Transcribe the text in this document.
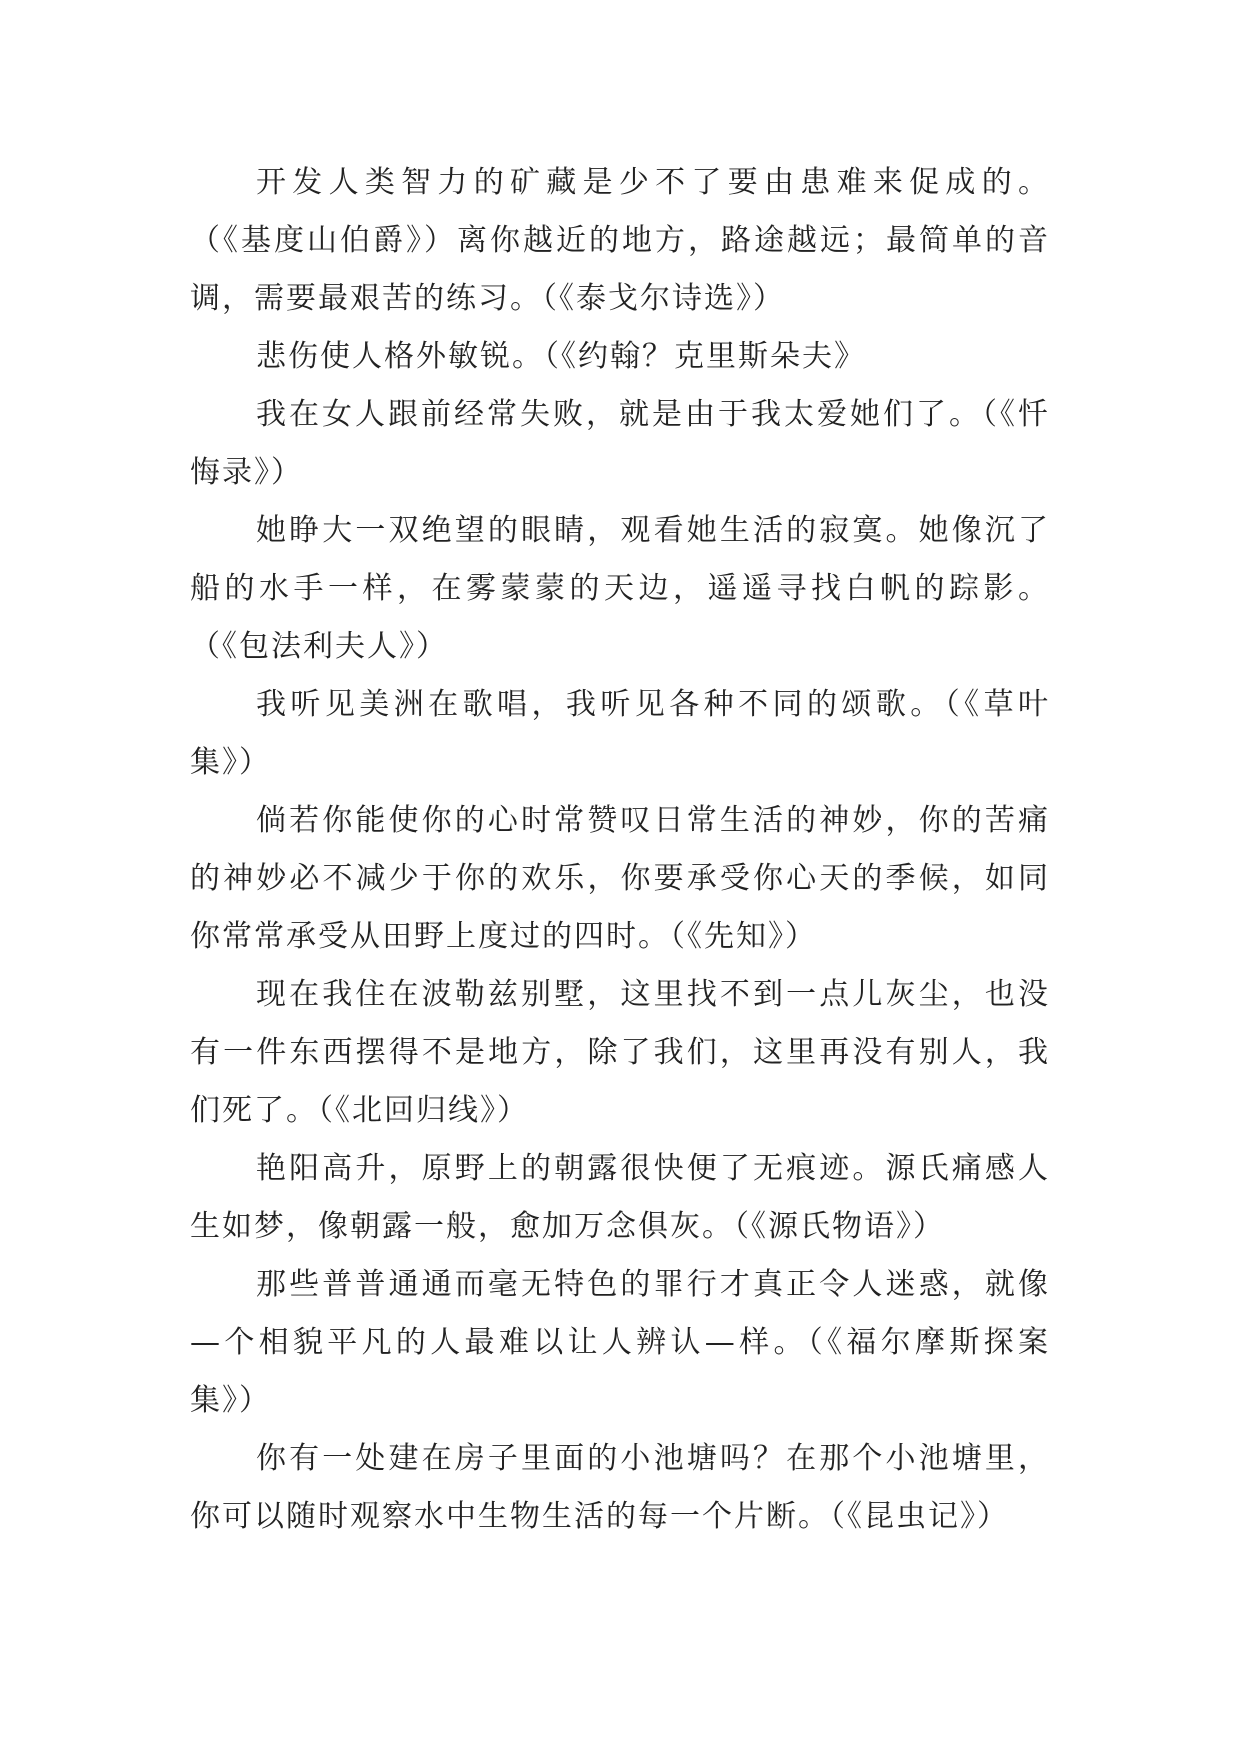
开发人类智力的矿藏是少不了要由患难来促成的。
（《基度山伯爵》）离你越近的地方，路途越远；最简单的音
调，需要最艰苦的练习。（《泰戈尔诗选》）

悲伤使人格外敏锐。（《约翰？克里斯朵夫》

我在女人跟前经常失败，就是由于我太爱她们了。（《忏
悔录》）

她睁大一双绝望的眼睛，观看她生活的寂寞。她像沉了
船的水手一样，在雾蒙蒙的天边，遥遥寻找白帆的踪影。
（《包法利夫人》）

我听见美洲在歌唱，我听见各种不同的颂歌。（《草叶
集》）

倘若你能使你的心时常赞叹日常生活的神妙，你的苦痛
的神妙必不减少于你的欢乐，你要承受你心天的季候，如同
你常常承受从田野上度过的四时。（《先知》）

现在我住在波勒兹别墅，这里找不到一点儿灰尘，也没
有一件东西摆得不是地方，除了我们，这里再没有别人，我
们死了。（《北回归线》）

艳阳高升，原野上的朝露很快便了无痕迹。源氏痛感人
生如梦，像朝露一般，愈加万念俱灰。（《源氏物语》）

那些普普通通而毫无特色的罪行才真正令人迷惑，就像
—个相貌平凡的人最难以让人辨认—样。（《福尔摩斯探案
集》）

你有一处建在房子里面的小池塘吗？在那个小池塘里，
你可以随时观察水中生物生活的每一个片断。（《昆虫记》）
